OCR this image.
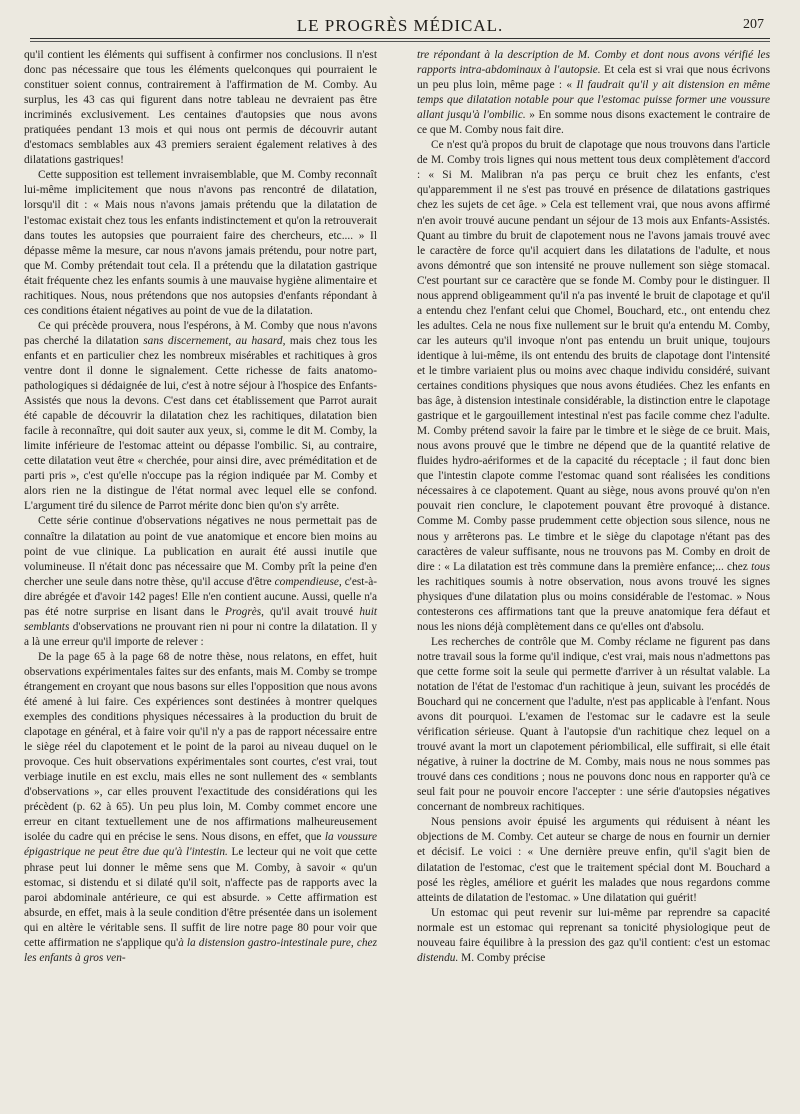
LE PROGRÈS MÉDICAL.	207

qu'il contient les éléments qui suffisent à confirmer nos conclusions. Il n'est donc pas nécessaire que tous les éléments quelconques qui pourraient le constituer soient connus, contrairement à l'affirmation de M. Comby. Au surplus, les 43 cas qui figurent dans notre tableau ne devraient pas être incriminés exclusivement. Les centaines d'autopsies que nous avons pratiquées pendant 13 mois et qui nous ont permis de découvrir autant d'estomacs semblables aux 43 premiers seraient également relatives à des dilatations gastriques!

Cette supposition est tellement invraisemblable, que M. Comby reconnaît lui-même implicitement que nous n'avons pas rencontré de dilatation, lorsqu'il dit : « Mais nous n'avons jamais prétendu que la dilatation de l'estomac existait chez tous les enfants indistinctement et qu'on la retrouverait dans toutes les autopsies que pourraient faire des chercheurs, etc.... » Il dépasse même la mesure, car nous n'avons jamais prétendu, pour notre part, que M. Comby prétendait tout cela. Il a prétendu que la dilatation gastrique était fréquente chez les enfants soumis à une mauvaise hygiène alimentaire et rachitiques. Nous, nous prétendons que nos autopsies d'enfants répondant à ces conditions étaient négatives au point de vue de la dilatation.

Ce qui précède prouvera, nous l'espérons, à M. Comby que nous n'avons pas cherché la dilatation sans discernement, au hasard, mais chez tous les enfants et en particulier chez les nombreux misérables et rachitiques à gros ventre dont il donne le signalement. Cette richesse de faits anatomo-pathologiques si dédaignée de lui, c'est à notre séjour à l'hospice des Enfants-Assistés que nous la devons. C'est dans cet établissement que Parrot aurait été capable de découvrir la dilatation chez les rachitiques, dilatation bien facile à reconnaître, qui doit sauter aux yeux, si, comme le dit M. Comby, la limite inférieure de l'estomac atteint ou dépasse l'ombilic. Si, au contraire, cette dilatation veut être « cherchée, pour ainsi dire, avec préméditation et de parti pris », c'est qu'elle n'occupe pas la région indiquée par M. Comby et alors rien ne la distingue de l'état normal avec lequel elle se confond. L'argument tiré du silence de Parrot mérite donc bien qu'on s'y arrête.

Cette série continue d'observations négatives ne nous permettait pas de connaître la dilatation au point de vue anatomique et encore bien moins au point de vue clinique. La publication en aurait été aussi inutile que volumineuse. Il n'était donc pas nécessaire que M. Comby prît la peine d'en chercher une seule dans notre thèse, qu'il accuse d'être compendieuse, c'est-à-dire abrégée et d'avoir 142 pages! Elle n'en contient aucune. Aussi, quelle n'a pas été notre surprise en lisant dans le Progrès, qu'il avait trouvé huit semblants d'observations ne prouvant rien ni pour ni contre la dilatation. Il y a là une erreur qu'il importe de relever :

De la page 65 à la page 68 de notre thèse, nous relatons, en effet, huit observations expérimentales faites sur des enfants, mais M. Comby se trompe étrangement en croyant que nous basons sur elles l'opposition que nous avons été amené à lui faire. Ces expériences sont destinées à montrer quelques exemples des conditions physiques nécessaires à la production du bruit de clapotage en général, et à faire voir qu'il n'y a pas de rapport nécessaire entre le siège réel du clapotement et le point de la paroi au niveau duquel on le provoque. Ces huit observations expérimentales sont courtes, c'est vrai, tout verbiage inutile en est exclu, mais elles ne sont nullement des « semblants d'observations », car elles prouvent l'exactitude des considérations qui les précèdent (p. 62 à 65). Un peu plus loin, M. Comby commet encore une erreur en citant textuellement une de nos affirmations malheureusement isolée du cadre qui en précise le sens. Nous disons, en effet, que la voussure épigastrique ne peut être due qu'à l'intestin. Le lecteur qui ne voit que cette phrase peut lui donner le même sens que M. Comby, à savoir « qu'un estomac, si distendu et si dilaté qu'il soit, n'affecte pas de rapports avec la paroi abdominale antérieure, ce qui est absurde. » Cette affirmation est absurde, en effet, mais à la seule condition d'être présentée dans un isolement qui en altère le véritable sens. Il suffit de lire notre page 80 pour voir que cette affirmation ne s'applique qu'à la distension gastro-intestinale pure, chez les enfants à gros ven-

tre répondant à la description de M. Comby et dont nous avons vérifié les rapports intra-abdominaux à l'autopsie. Et cela est si vrai que nous écrivons un peu plus loin, même page : « Il faudrait qu'il y ait distension en même temps que dilatation notable pour que l'estomac puisse former une voussure allant jusqu'à l'ombilic. » En somme nous disons exactement le contraire de ce que M. Comby nous fait dire.

Ce n'est qu'à propos du bruit de clapotage que nous trouvons dans l'article de M. Comby trois lignes qui nous mettent tous deux complètement d'accord : « Si M. Malibran n'a pas perçu ce bruit chez les enfants, c'est qu'apparemment il ne s'est pas trouvé en présence de dilatations gastriques chez les sujets de cet âge. » Cela est tellement vrai, que nous avons affirmé n'en avoir trouvé aucune pendant un séjour de 13 mois aux Enfants-Assistés. Quant au timbre du bruit de clapotement nous ne l'avons jamais trouvé avec le caractère de force qu'il acquiert dans les dilatations de l'adulte, et nous avons démontré que son intensité ne prouve nullement son siège stomacal. C'est pourtant sur ce caractère que se fonde M. Comby pour le distinguer. Il nous apprend obligeamment qu'il n'a pas inventé le bruit de clapotage et qu'il a entendu chez l'enfant celui que Chomel, Bouchard, etc., ont entendu chez les adultes. Cela ne nous fixe nullement sur le bruit qu'a entendu M. Comby, car les auteurs qu'il invoque n'ont pas entendu un bruit unique, toujours identique à lui-même, ils ont entendu des bruits de clapotage dont l'intensité et le timbre variaient plus ou moins avec chaque individu considéré, suivant certaines conditions physiques que nous avons étudiées. Chez les enfants en bas âge, à distension intestinale considérable, la distinction entre le clapotage gastrique et le gargouillement intestinal n'est pas facile comme chez l'adulte. M. Comby prétend savoir la faire par le timbre et le siège de ce bruit. Mais, nous avons prouvé que le timbre ne dépend que de la quantité relative de fluides hydro-aériformes et de la capacité du réceptacle ; il faut donc bien que l'intestin clapote comme l'estomac quand sont réalisées les conditions nécessaires à ce clapotement. Quant au siège, nous avons prouvé qu'on n'en pouvait rien conclure, le clapotement pouvant être provoqué à distance. Comme M. Comby passe prudemment cette objection sous silence, nous ne nous y arrêterons pas. Le timbre et le siège du clapotage n'étant pas des caractères de valeur suffisante, nous ne trouvons pas M. Comby en droit de dire : « La dilatation est très commune dans la première enfance;... chez tous les rachitiques soumis à notre observation, nous avons trouvé les signes physiques d'une dilatation plus ou moins considérable de l'estomac. » Nous contesterons ces affirmations tant que la preuve anatomique fera défaut et nous les nions déjà complètement dans ce qu'elles ont d'absolu.

Les recherches de contrôle que M. Comby réclame ne figurent pas dans notre travail sous la forme qu'il indique, c'est vrai, mais nous n'admettons pas que cette forme soit la seule qui permette d'arriver à un résultat valable. La notation de l'état de l'estomac d'un rachitique à jeun, suivant les procédés de Bouchard qui ne concernent que l'adulte, n'est pas applicable à l'enfant. Nous avons dit pourquoi. L'examen de l'estomac sur le cadavre est la seule vérification sérieuse. Quant à l'autopsie d'un rachitique chez lequel on a trouvé avant la mort un clapotement périombilical, elle suffirait, si elle était négative, à ruiner la doctrine de M. Comby, mais nous ne nous sommes pas trouvé dans ces conditions ; nous ne pouvons donc nous en rapporter qu'à ce seul fait pour ne pouvoir encore l'accepter : une série d'autopsies négatives concernant de nombreux rachitiques.

Nous pensions avoir épuisé les arguments qui réduisent à néant les objections de M. Comby. Cet auteur se charge de nous en fournir un dernier et décisif. Le voici : « Une dernière preuve enfin, qu'il s'agit bien de dilatation de l'estomac, c'est que le traitement spécial dont M. Bouchard a posé les règles, améliore et guérit les malades que nous regardons comme atteints de dilatation de l'estomac. » Une dilatation qui guérit!

Un estomac qui peut revenir sur lui-même par reprendre sa capacité normale est un estomac qui reprenant sa tonicité physiologique peut de nouveau faire équilibre à la pression des gaz qu'il contient: c'est un estomac distendu. M. Comby précise
